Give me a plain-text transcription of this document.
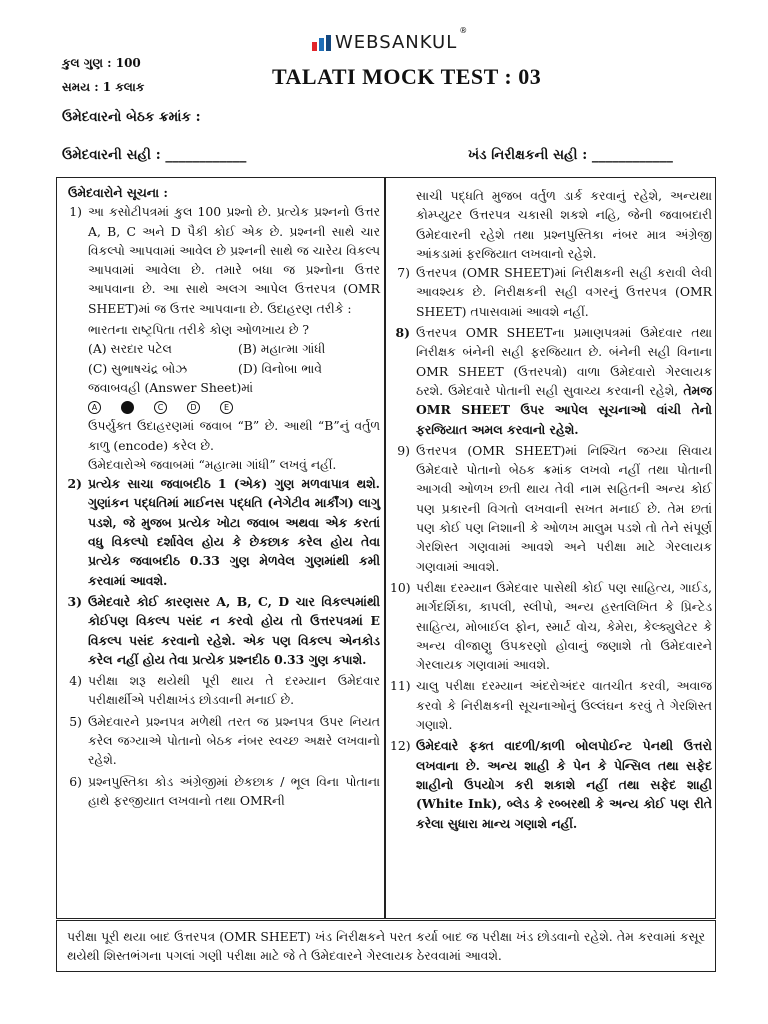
WEBSANKUL
®
કુલ ગુણ : 100
સમય : 1 કલાક	TALATI MOCK TEST : 03
ઉમેદવારનો બેઠક ક્રમાંક :
ઉમેદવારની સહી : ____________	ખંડ નિરીક્ષકની સહી : ____________
ઉમેદવારોને સૂચના :
1) આ કસોટીપત્રમાં કુલ 100 પ્રશ્નો છે. પ્રત્યેક પ્રશ્નનો ઉત્તર A, B, C અને D પૈકી કોઈ એક છે. પ્રશ્નની સાથે ચાર વિકલ્પો આપવામાં આવેલ છે પ્રશ્નની સાથે જ ચારેય વિકલ્પ આપવામાં આવેલા છે. તમારે બધા જ પ્રશ્નોના ઉત્તર આપવાના છે. આ સાથે અલગ આપેલ ઉત્તરપત્ર (OMR SHEET)માં જ ઉત્તર આપવાના છે. ઉદાહરણ તરીકે :
ભારતના રાષ્ટ્રપિતા તરીકે કોણ ઓળખાય છે ?
(A) સરદાર પટેલ	(B) મહાત્મા ગાંધી
(C) સુભાષચંદ્ર બોઝ	(D) વિનોબા ભાવે
જવાબવહી (Answer Sheet)માં
A	B	C	D	E
ઉપર્યુક્ત ઉદાહરણમાં જવાબ “B” છે. આથી “B”નું વર્તુળ કાળુ (encode) કરેલ છે.
ઉમેદવારોએ જવાબમાં “મહાત્મા ગાંધી” લખવું નહીં.
2) પ્રત્યેક સાચા જવાબદીઠ 1 (એક) ગુણ મળવાપાત્ર થશે. ગુણાંકન પદ્ધતિમાં માઈનસ પદ્ધતિ (નેગેટીવ માર્કીંગ) લાગુ પડશે, જે મુજબ પ્રત્યેક ખોટા જવાબ અથવા એક કરતાં વધુ વિકલ્પો દર્શાવેલ હોય કે છેકછાક કરેલ હોય તેવા પ્રત્યેક જવાબદીઠ 0.33 ગુણ મેળવેલ ગુણમાંથી કમી કરવામાં આવશે.
3) ઉમેદવારે કોઈ કારણસર A, B, C, D ચાર વિકલ્પમાંથી કોઈપણ વિકલ્પ પસંદ ન કરવો હોય તો ઉત્તરપત્રમાં E વિકલ્પ પસંદ કરવાનો રહેશે. એક પણ વિકલ્પ એનકોડ કરેલ નહીં હોય તેવા પ્રત્યેક પ્રશ્નદીઠ 0.33 ગુણ કપાશે.
4) પરીક્ષા શરૂ થયેથી પૂરી થાય તે દરમ્યાન ઉમેદવાર પરીક્ષાર્થીએ પરીક્ષાખંડ છોડવાની મનાઈ છે.
5) ઉમેદવારને પ્રશ્નપત્ર મળેથી તરત જ પ્રશ્નપત્ર ઉપર નિયત કરેલ જગ્યાએ પોતાનો બેઠક નંબર સ્વચ્છ અક્ષરે લખવાનો રહેશે.
6) પ્રશ્નપુસ્તિકા કોડ અંગ્રેજીમાં છેકછાક / ભૂલ વિના પોતાના હાથે ફરજીયાત લખવાનો તથા OMRની
સાચી પદ્ધતિ મુજબ વર્તુળ ડાર્ક કરવાનું રહેશે, અન્યથા કોમ્પ્યુટર ઉત્તરપત્ર ચકાસી શકશે નહિ, જેની જવાબદારી ઉમેદવારની રહેશે તથા પ્રશ્નપુસ્તિકા નંબર માત્ર અંગ્રેજી આંકડામાં ફરજિયાત લખવાનો રહેશે.
7) ઉત્તરપત્ર (OMR SHEET)માં નિરીક્ષકની સહી કરાવી લેવી આવશ્યક છે. નિરીક્ષકની સહી વગરનું ઉત્તરપત્ર (OMR SHEET) તપાસવામાં આવશે નહીં.
8) ઉત્તરપત્ર OMR SHEETના પ્રમાણપત્રમાં ઉમેદવાર તથા નિરીક્ષક બંનેની સહી ફરજિયાત છે. બંનેની સહી વિનાના OMR SHEET (ઉત્તરપત્રો) વાળા ઉમેદવારો ગેરલાયક ઠરશે. ઉમેદવારે પોતાની સહી સુવાચ્ય કરવાની રહેશે, તેમજ OMR SHEET ઉપર આપેલ સૂચનાઓ વાંચી તેનો ફરજિયાત અમલ કરવાનો રહેશે.
9) ઉત્તરપત્ર (OMR SHEET)માં નિશ્ચિત જગ્યા સિવાય ઉમેદવારે પોતાનો બેઠક ક્રમાંક લખવો નહીં તથા પોતાની આગવી ઓળખ છતી થાય તેવી નામ સહિતની અન્ય કોઈ પણ પ્રકારની વિગતો લખવાની સખત મનાઈ છે. તેમ છતાં પણ કોઈ પણ નિશાની કે ઓળખ માલુમ પડશે તો તેને સંપૂર્ણ ગેરશિસ્ત ગણવામાં આવશે અને પરીક્ષા માટે ગેરલાયક ગણવામાં આવશે.
10) પરીક્ષા દરમ્યાન ઉમેદવાર પાસેથી કોઈ પણ સાહિત્ય, ગાઈડ, માર્ગદર્શિકા, કાપલી, સ્લીપો, અન્ય હસ્તલિખિત કે પ્રિન્ટેડ સાહિત્ય, મોબાઈલ ફોન, સ્માર્ટ વોચ, કેમેરા, કેલ્ક્યુલેટર કે અન્ય વીજાણુ ઉપકરણો હોવાનું જણાશે તો ઉમેદવારને ગેરલાયક ગણવામાં આવશે.
11) ચાલુ પરીક્ષા દરમ્યાન અંદરોઅંદર વાતચીત કરવી, અવાજ કરવો કે નિરીક્ષકની સૂચનાઓનું ઉલ્લંઘન કરવું તે ગેરશિસ્ત ગણાશે.
12) ઉમેદવારે ફક્ત વાદળી/કાળી બોલપોઈન્ટ પેનથી ઉત્તરો લખવાના છે. અન્ય શાહી કે પેન કે પેન્સિલ તથા સફેદ શાહીનો ઉપયોગ કરી શકાશે નહીં તથા સફેદ શાહી (White Ink), બ્લેડ કે રબ્બરથી કે અન્ય કોઈ પણ રીતે કરેલા સુધારા માન્ય ગણાશે નહીં.
પરીક્ષા પૂરી થયા બાદ ઉત્તરપત્ર (OMR SHEET) ખંડ નિરીક્ષકને પરત કર્યા બાદ જ પરીક્ષા ખંડ છોડવાનો રહેશે. તેમ કરવામાં કસૂર થયેથી શિસ્તભંગના પગલાં ગણી પરીક્ષા માટે જે તે ઉમેદવારને ગેરલાયક ઠેરવવામાં આવશે.
